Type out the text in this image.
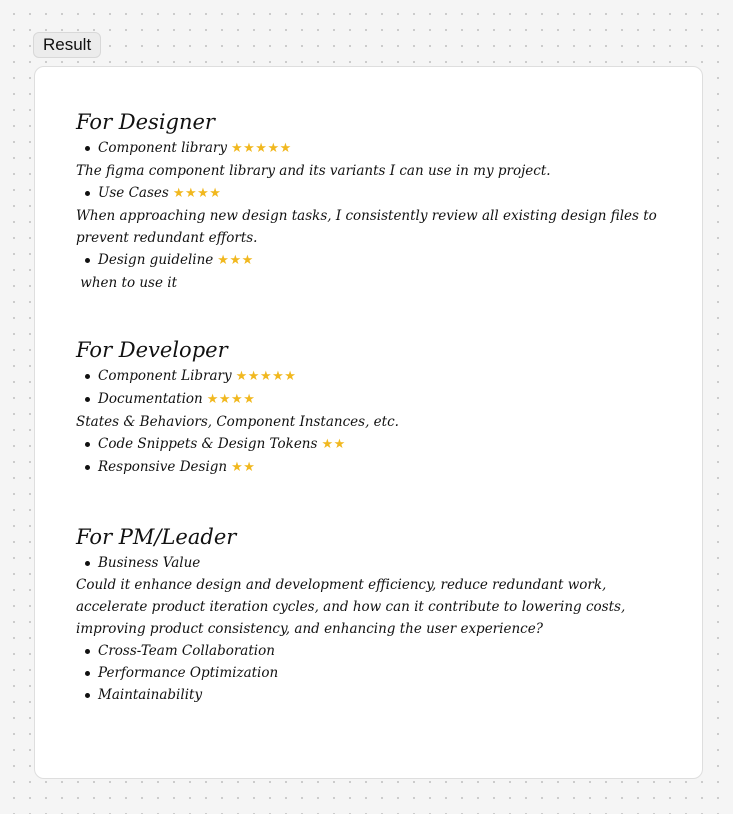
Result
For Designer
Component library ★★★★★
The figma component library and its variants I can use in my project.
Use Cases ★★★★
When approaching new design tasks, I consistently review all existing design files to prevent redundant efforts.
Design guideline ★★★
when to use it
For Developer
Component Library ★★★★★
Documentation ★★★★
States & Behaviors, Component Instances, etc.
Code Snippets & Design Tokens ★★
Responsive Design ★★
For PM/Leader
Business Value
Could it enhance design and development efficiency, reduce redundant work, accelerate product iteration cycles, and how can it contribute to lowering costs, improving product consistency, and enhancing the user experience?
Cross-Team Collaboration
Performance Optimization
Maintainability
